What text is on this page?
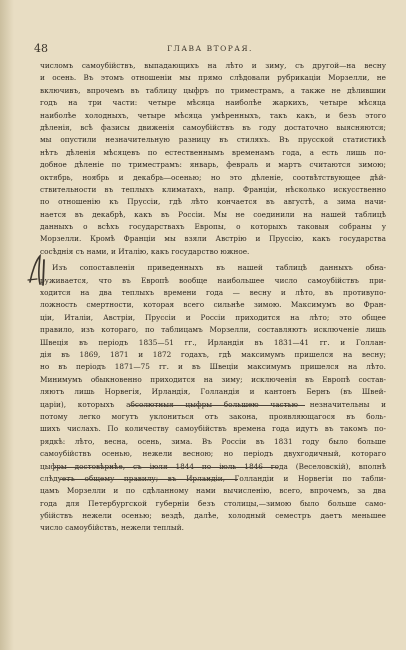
48	ГЛАВА ВТОРАЯ.
числомъ самоубійствъ, выпадающихъ на лѣто и зиму, съ другой—на весну
и осень. Въ этомъ отношеніи мы прямо слѣдовали рубрикаціи Морзелли, не
включивъ, впрочемъ въ таблицу цыфръ по триместрамъ, а также не дѣлившии
годъ на три части: четыре мѣсяца наиболѣе жаркихъ, четыре мѣсяца
наиболѣе холодныхъ, четыре мѣсяца умѣренныхъ, такъ какъ, и безъ этого
дѣленія, всѣ фазисы движенія самоубійствъ въ году достаточно выясняются;
мы опустили незначительную разницу въ стиляхъ. Въ прусской статистикѣ
нѣтъ дѣленія мѣсяцевъ по естественнымъ временамъ года, а есть лишь по-
добное дѣленіе по триместрамъ: январь, февраль и мартъ считаются зимою;
октябрь, ноябрь и декабрь—осенью; но это дѣленіе, соотвѣтствующее дѣй-
ствительности въ теплыхъ климатахъ, напр. Франціи, нѣсколько искусственно
по отношенію къ Пруссіи, гдѣ лѣто кончается въ августѣ, а зима начи-
нается въ декабрѣ, какъ въ Россіи. Мы не соединили на нашей таблицѣ
данныхъ о всѣхъ государствахъ Европы, о которыхъ таковыя собраны у
Морзелли. Кромѣ Франціи мы взяли Австрію и Пруссію, какъ государства
сосѣднія съ нами, и Италію, какъ государство южное.
Изъ сопоставленія приведенныхъ въ нашей таблицѣ данныхъ обна-
руживается, что въ Европѣ вообще наибольшее число самоубійствъ при-
ходится на два теплыхъ времени года — весну и лѣто, въ противупо-
ложность смертности, которая всего сильнѣе зимою. Максимумъ во Фран-
ціи, Италіи, Австріи, Пруссіи и Россіи приходится на лѣто; это общее
правило, изъ котораго, по таблицамъ Морзелли, составляютъ исключеніе лишь
Швеція въ періодъ 1835—51 гг., Ирландія въ 1831—41 гг. и Голлан-
дія въ 1869, 1871 и 1872 годахъ, гдѣ максимумъ пришелся на весну;
но въ періодъ 1871—75 гг. и въ Швеціи максимумъ пришелся на лѣто.
Минимумъ обыкновенно приходится на зиму; исключенія въ Европѣ состав-
ляютъ лишь Норвегія, Ирландія, Голландія и кантонъ Бернъ (въ Швей-
царіи), которыхъ абсолютныя цыфры большею частью незначительны и
потому легко могутъ уклониться отъ закона, проявляющагося въ боль-
шихъ числахъ. По количеству самоубійствъ времена года идутъ въ такомъ по-
рядкѣ: лѣто, весна, осень, зима. Въ Россіи въ 1831 году было больше
самоубійствъ осенью, нежели весною; но періодъ двухгодичный, котораго
цыфры достовѣрнѣе, съ іюля 1844 по іюль 1846 года (Веселовскій), вполнѣ
слѣдуетъ общему правилу; въ Ирландіи, Голландіи и Норвегіи по табли-
цамъ Морзелли и по сдѣланному нами вычисленію, всего, впрочемъ, за два
года для Петербургской губерніи безъ столицы,—зимою было больше само-
убійствъ нежели осенью; вездѣ, далѣе, холодный семестръ даетъ меньшее
число самоубійствъ, нежели теплый.
